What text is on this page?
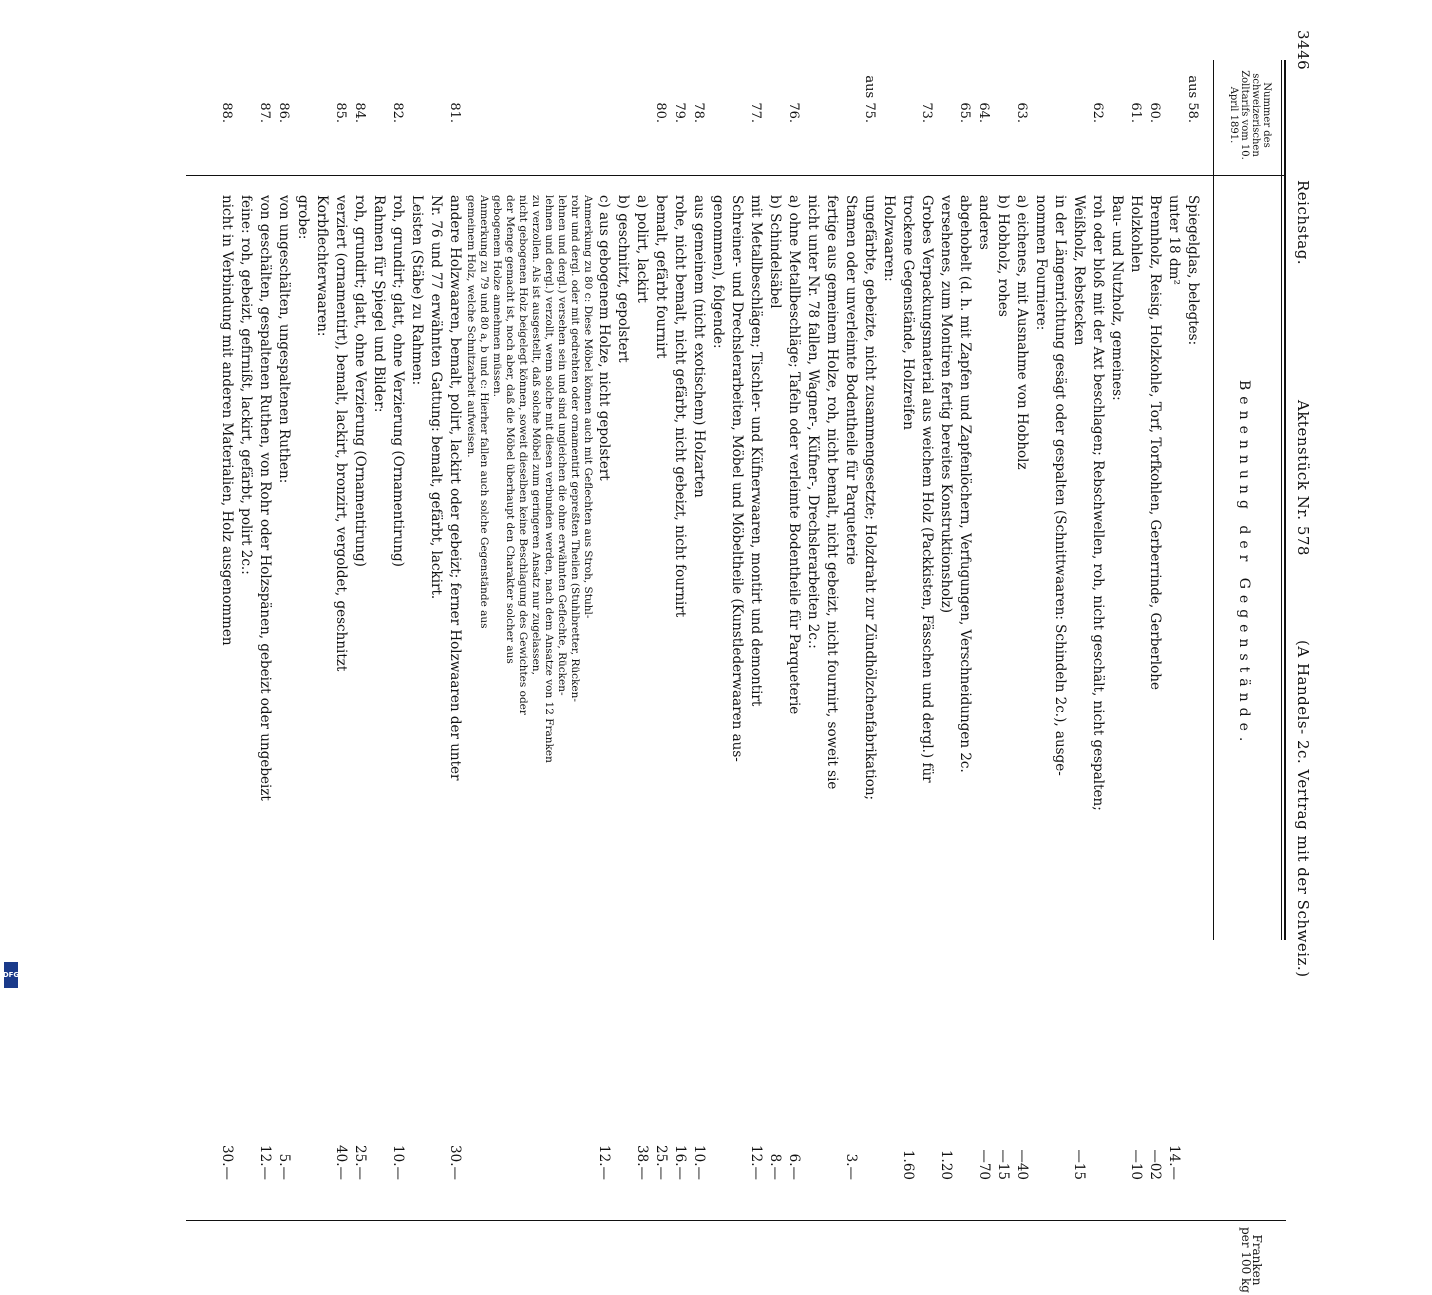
3446
Reichstag.
Aktenstück Nr. 578
(A Handels- 2c. Vertrag mit der Schweiz.)
Nummer des schweizerischen Zolltarifs vom 10. April 1891.
Benennung der Gegenstände.
Franken per 100 kg
aus 58.
Spiegelglas, belegtes:
unter 18 dm²
14.—
60.
Brennholz, Reisig, Holzkohle, Torf, Torfkohlen, Gerberrinde, Gerberlohe
—02
61.
Holzkohlen
—10
Bau- und Nutzholz, gemeines:
62.
roh oder bloß mit der Axt beschlagen; Rebschwellen, roh, nicht geschält, nicht gespalten;
Weißholz, Rebstecken
—15
in der Längenrichtung gesägt oder gespalten (Schnittwaaren: Schindeln 2c.), ausge-
nommen Fourniere:
63.
a) eichenes, mit Ausnahme von Hobholz
—40
b) Hobholz, rohes
—15
64.
anderes
—70
65.
abgehobelt (d. h. mit Zapfen und Zapfenlöchern, Verfugungen, Verschneidungen 2c.
versehenes, zum Montiren fertig bereites Konstruktionsholz)
1.20
73.
Grobes Verpackungsmaterial aus weichem Holz (Packkisten, Fässchen und dergl.) für
trockene Gegenstände, Holzreifen
1.60
Holzwaaren:
aus 75.
ungefärbte, gebeizte, nicht zusammengesetzte; Holzdraht zur Zündhölzchenfabrikation;
Stamen oder unverleimte Bodentheile für Parqueterie
3.—
fertige aus gemeinem Holze, roh, nicht bemalt, nicht gebeizt, nicht fournirt, soweit sie
nicht unter Nr. 78 fallen, Wagner-, Küfner-, Drechslerarbeiten 2c.:
76.
a) ohne Metallbeschläge; Tafeln oder verleimte Bodentheile für Parqueterie
6.—
b) Schindelsäbel
8.—
77.
mit Metallbeschlägen; Tischler- und Küfnerwaaren, montirt und demontirt
12.—
Schreiner- und Drechslerarbeiten, Möbel und Möbeltheile (Kunstlederwaaren aus-
genommen), folgende:
78.
aus gemeinem (nicht exotischem) Holzarten
10.—
79.
rohe, nicht bemalt, nicht gefärbt, nicht gebeizt, nicht fournirt
16.—
80.
bemalt, gefärbt fournirt
25.—
a) polirt, lackirt
38.—
b) geschnitzt, gepolstert
c) aus gebogenem Holze, nicht gepolstert
12.—
Anmerkung zu 80 c: Diese Möbel können auch mit Geflechten aus Stroh, Stuhl-
rohr und dergl. oder mit gedrehten oder ornamentirt gepreßten Theilen (Stuhlbretter, Rücken-
lehnen und dergl.) versehen sein und sind ungleichen die ohne erwähnten Geflechte, Rücken-
lehnen und dergl.) verzollt, wenn solche mit diesen verbunden werden, nach dem Ansatze von 12 Franken
zu verzollen. Als ist ausgestellt, daß solche Möbel zum geringeren Ansatz nur zugelassen,
nicht gebogenen Holz beigelegt können, soweit dieselben keine Beschlagung des Gewichtes oder
der Menge gemacht ist, noch aber, daß die Möbel überhaupt den Charakter solcher aus
gebogenem Holze annehmen müssen.
Anmerkung zu 79 und 80 a, b und c: Hierher fallen auch solche Gegenstände aus
gemeinem Holz, welche Schnitzarbeit aufweisen.
81.
andere Holzwaaren, bemalt, polirt, lackirt oder gebeizt; ferner Holzwaaren der unter
30.—
Nr. 76 und 77 erwähnten Gattung: bemalt, gefärbt, lackirt.
Leisten (Stäbe) zu Rahmen:
82.
roh, grundirt; glatt, ohne Verzierung (Ornamentirung)
10.—
Rahmen für Spiegel und Bilder:
84.
roh, grundirt; glatt, ohne Verzierung (Ornamentirung)
25.—
85.
verziert (ornamentirt), bemalt, lackirt, bronzirt, vergoldet, geschnitzt
40.—
Korbflechterwaaren:
grobe:
86.
von ungeschälten, ungespaltenen Ruthen:
5.—
87.
von geschälten, gespaltenen Ruthen, von Rohr oder Holzspänen, gebeizt oder ungebeizt
12.—
feine: roh, gebeizt, gefirnißt, lackirt, gefärbt, polirt 2c.:
88.
nicht in Verbindung mit anderen Materialien, Holz ausgenommen
30.—
DFG
